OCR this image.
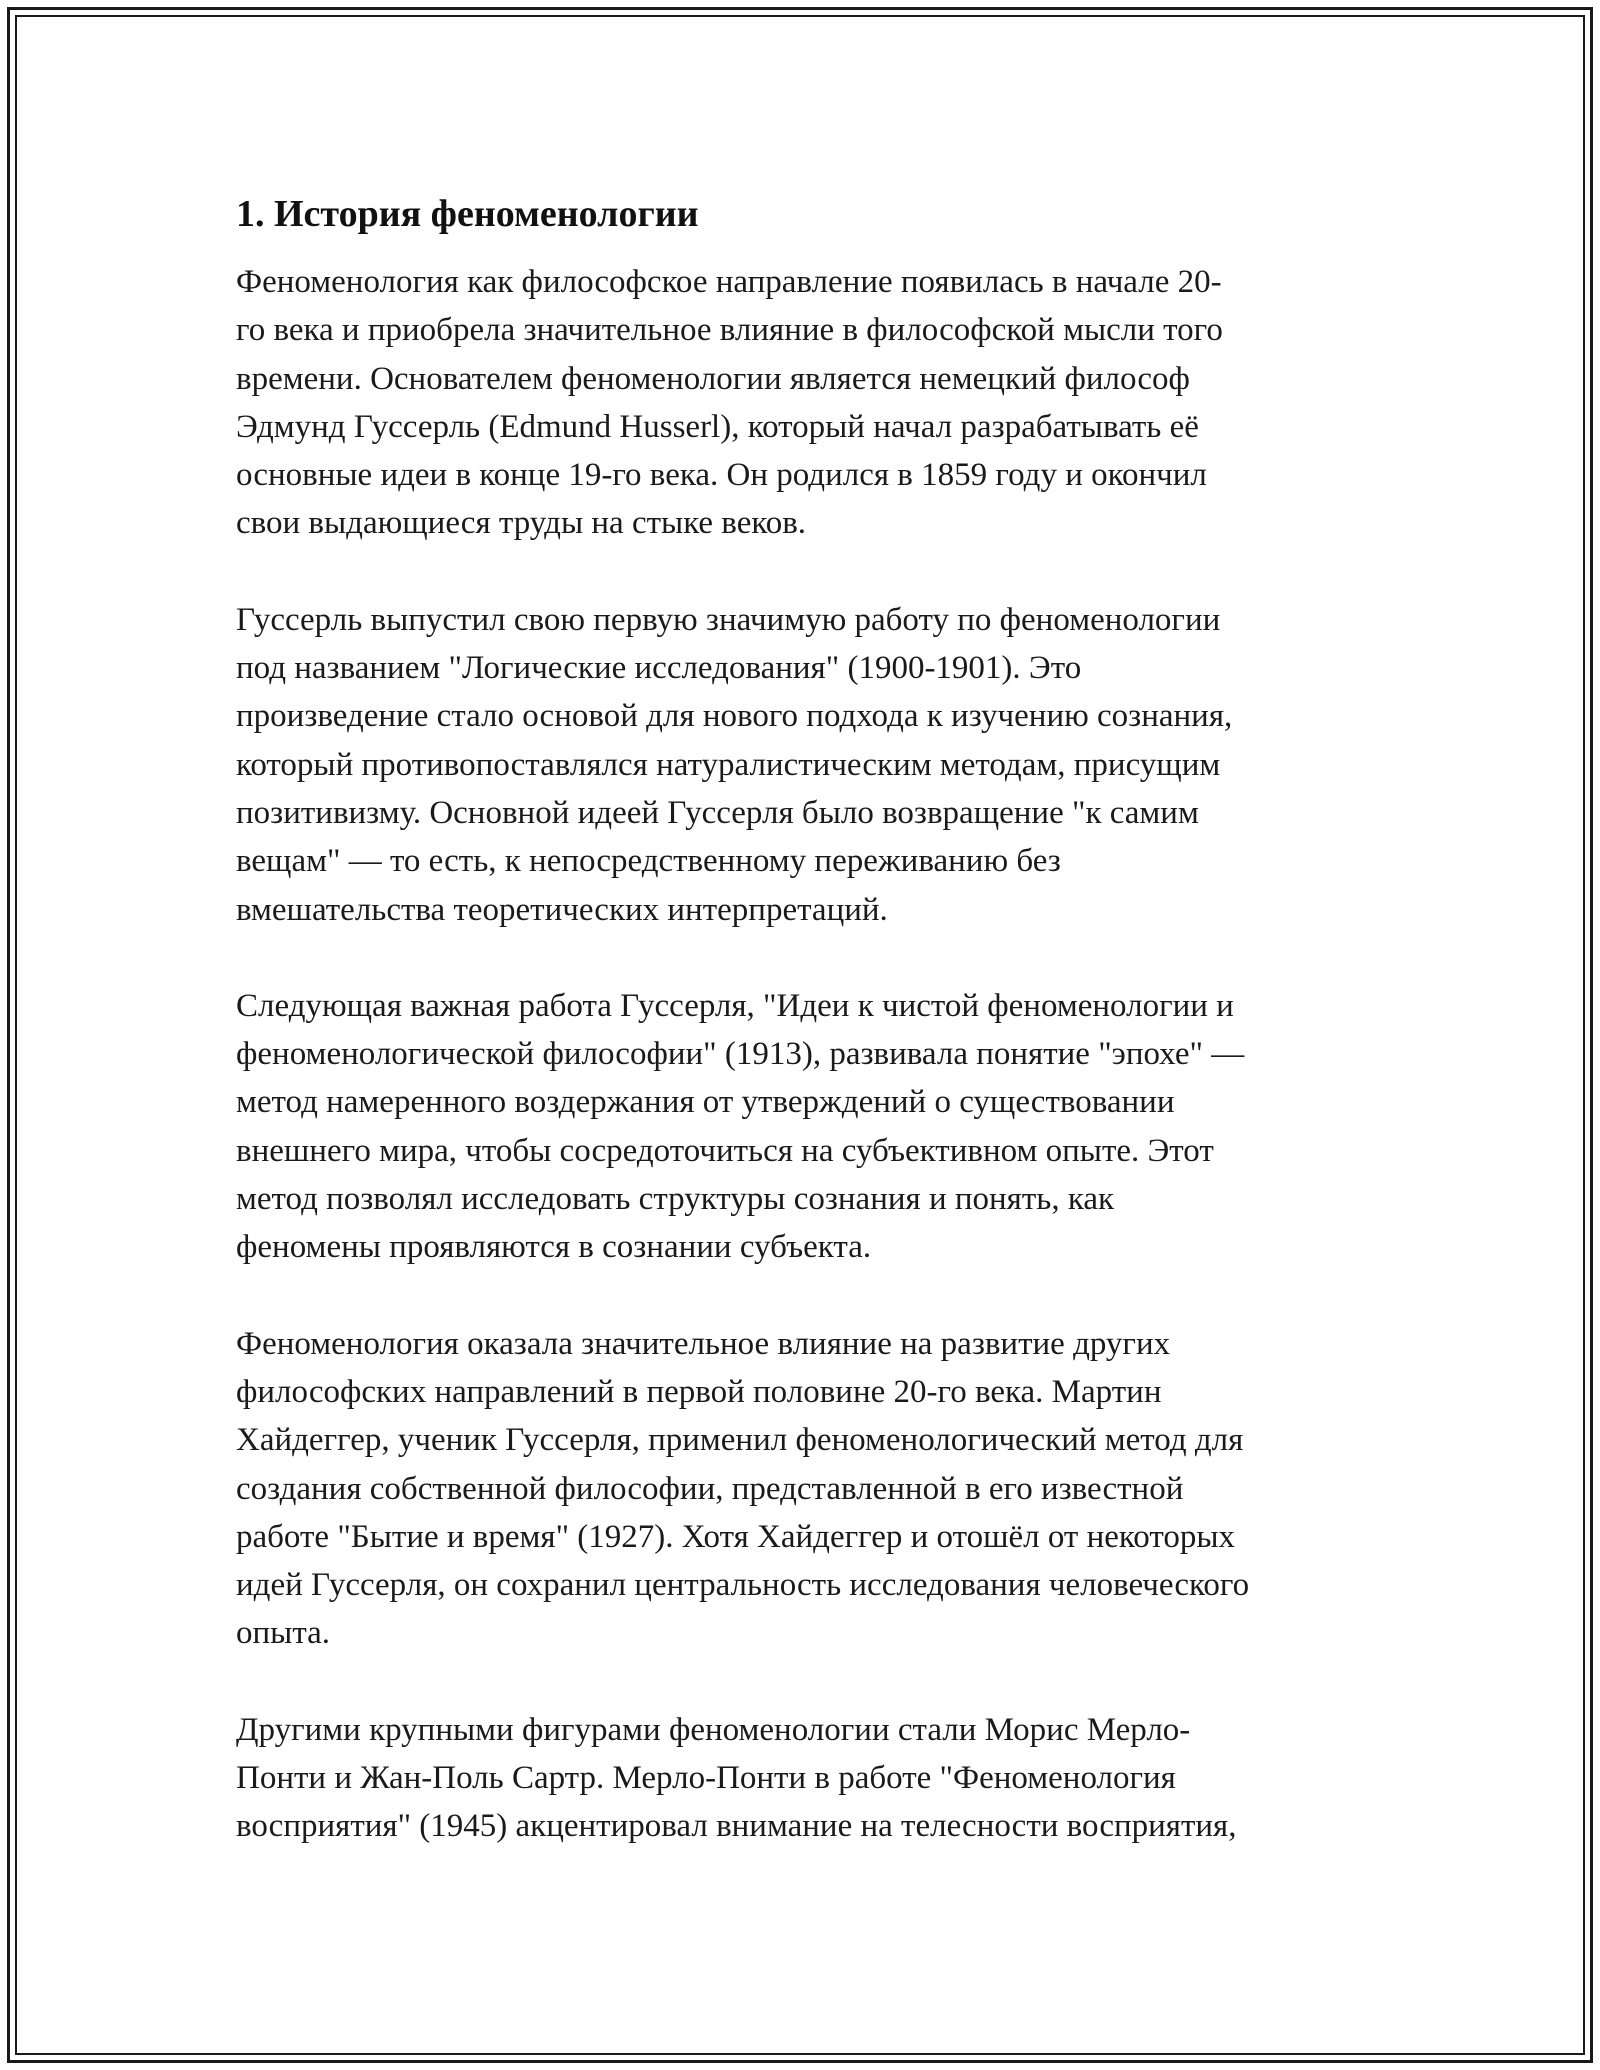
1. История феноменологии
Феноменология как философское направление появилась в начале 20-
го века и приобрела значительное влияние в философской мысли того
времени. Основателем феноменологии является немецкий философ
Эдмунд Гуссерль (Edmund Husserl), который начал разрабатывать её
основные идеи в конце 19-го века. Он родился в 1859 году и окончил
свои выдающиеся труды на стыке веков.
Гуссерль выпустил свою первую значимую работу по феноменологии
под названием "Логические исследования" (1900-1901). Это
произведение стало основой для нового подхода к изучению сознания,
который противопоставлялся натуралистическим методам, присущим
позитивизму. Основной идеей Гуссерля было возвращение "к самим
вещам" — то есть, к непосредственному переживанию без
вмешательства теоретических интерпретаций.
Следующая важная работа Гуссерля, "Идеи к чистой феноменологии и
феноменологической философии" (1913), развивала понятие "эпохе" —
метод намеренного воздержания от утверждений о существовании
внешнего мира, чтобы сосредоточиться на субъективном опыте. Этот
метод позволял исследовать структуры сознания и понять, как
феномены проявляются в сознании субъекта.
Феноменология оказала значительное влияние на развитие других
философских направлений в первой половине 20-го века. Мартин
Хайдеггер, ученик Гуссерля, применил феноменологический метод для
создания собственной философии, представленной в его известной
работе "Бытие и время" (1927). Хотя Хайдеггер и отошёл от некоторых
идей Гуссерля, он сохранил центральность исследования человеческого
опыта.
Другими крупными фигурами феноменологии стали Морис Мерло-
Понти и Жан-Поль Сартр. Мерло-Понти в работе "Феноменология
восприятия" (1945) акцентировал внимание на телесности восприятия,
